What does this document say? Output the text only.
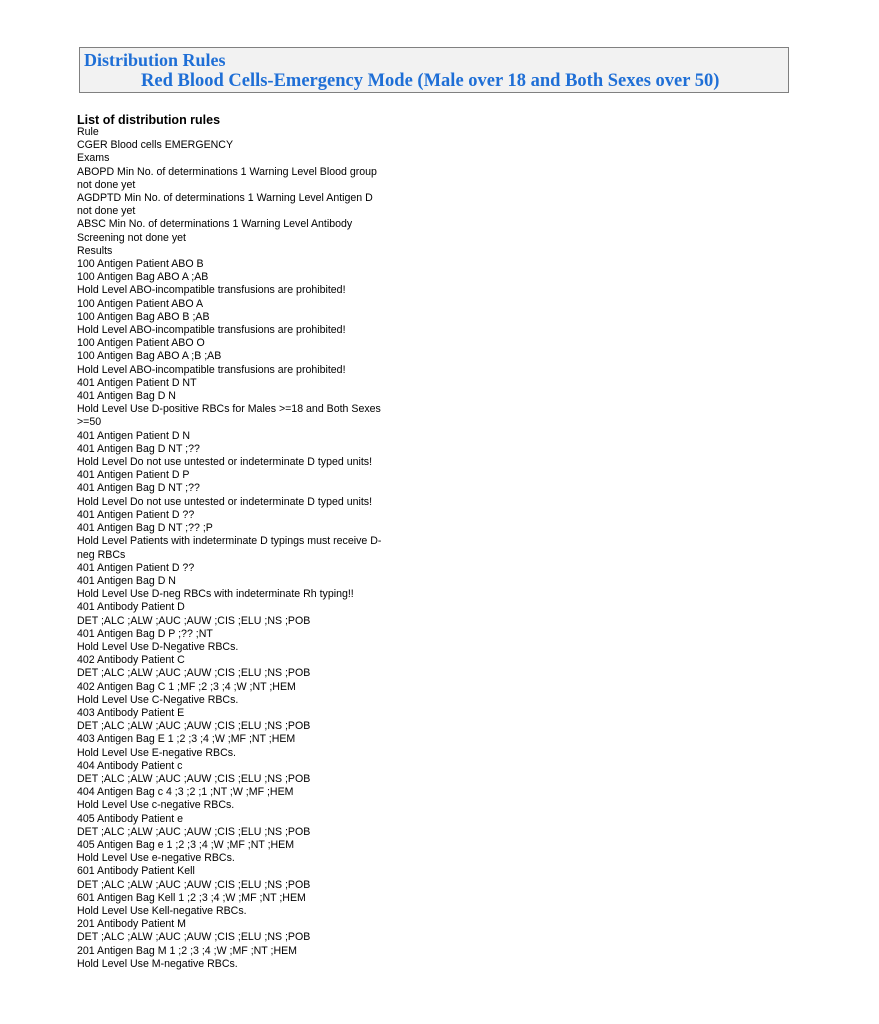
Distribution Rules
Red Blood Cells-Emergency Mode (Male over 18 and Both Sexes over 50)
List of distribution rules
Rule
CGER Blood cells EMERGENCY
Exams
ABOPD Min No. of determinations 1 Warning Level Blood group not done yet
AGDPTD Min No. of determinations 1 Warning Level Antigen D not done yet
ABSC Min No. of determinations 1 Warning Level Antibody Screening not done yet
Results
100 Antigen Patient ABO B
100 Antigen Bag ABO A ;AB
Hold Level ABO-incompatible transfusions are prohibited!
100 Antigen Patient ABO A
100 Antigen Bag ABO B ;AB
Hold Level ABO-incompatible transfusions are prohibited!
100 Antigen Patient ABO O
100 Antigen Bag ABO A ;B ;AB
Hold Level ABO-incompatible transfusions are prohibited!
401 Antigen Patient D NT
401 Antigen Bag D N
Hold Level Use D-positive RBCs for Males >=18 and Both Sexes >=50
401 Antigen Patient D N
401 Antigen Bag D NT ;??
Hold Level Do not use untested or indeterminate D typed units!
401 Antigen Patient D P
401 Antigen Bag D NT ;??
Hold Level Do not use untested or indeterminate D typed units!
401 Antigen Patient D ??
401 Antigen Bag D NT ;?? ;P
Hold Level Patients with indeterminate D typings must receive D-neg RBCs
401 Antigen Patient D ??
401 Antigen Bag D N
Hold Level Use D-neg RBCs with indeterminate Rh typing!!
401 Antibody Patient D
DET ;ALC ;ALW ;AUC ;AUW ;CIS ;ELU ;NS ;POB
401 Antigen Bag D P ;?? ;NT
Hold Level Use D-Negative RBCs.
402 Antibody Patient C
DET ;ALC ;ALW ;AUC ;AUW ;CIS ;ELU ;NS ;POB
402 Antigen Bag C 1 ;MF ;2 ;3 ;4 ;W ;NT ;HEM
Hold Level Use C-Negative RBCs.
403 Antibody Patient E
DET ;ALC ;ALW ;AUC ;AUW ;CIS ;ELU ;NS ;POB
403 Antigen Bag E 1 ;2 ;3 ;4 ;W ;MF ;NT ;HEM
Hold Level Use E-negative RBCs.
404 Antibody Patient c
DET ;ALC ;ALW ;AUC ;AUW ;CIS ;ELU ;NS ;POB
404 Antigen Bag c 4 ;3 ;2 ;1 ;NT ;W ;MF ;HEM
Hold Level Use c-negative RBCs.
405 Antibody Patient e
DET ;ALC ;ALW ;AUC ;AUW ;CIS ;ELU ;NS ;POB
405 Antigen Bag e 1 ;2 ;3 ;4 ;W ;MF ;NT ;HEM
Hold Level Use e-negative RBCs.
601 Antibody Patient Kell
DET ;ALC ;ALW ;AUC ;AUW ;CIS ;ELU ;NS ;POB
601 Antigen Bag Kell 1 ;2 ;3 ;4 ;W ;MF ;NT ;HEM
Hold Level Use Kell-negative RBCs.
201 Antibody Patient M
DET ;ALC ;ALW ;AUC ;AUW ;CIS ;ELU ;NS ;POB
201 Antigen Bag M 1 ;2 ;3 ;4 ;W ;MF ;NT ;HEM
Hold Level Use M-negative RBCs.
